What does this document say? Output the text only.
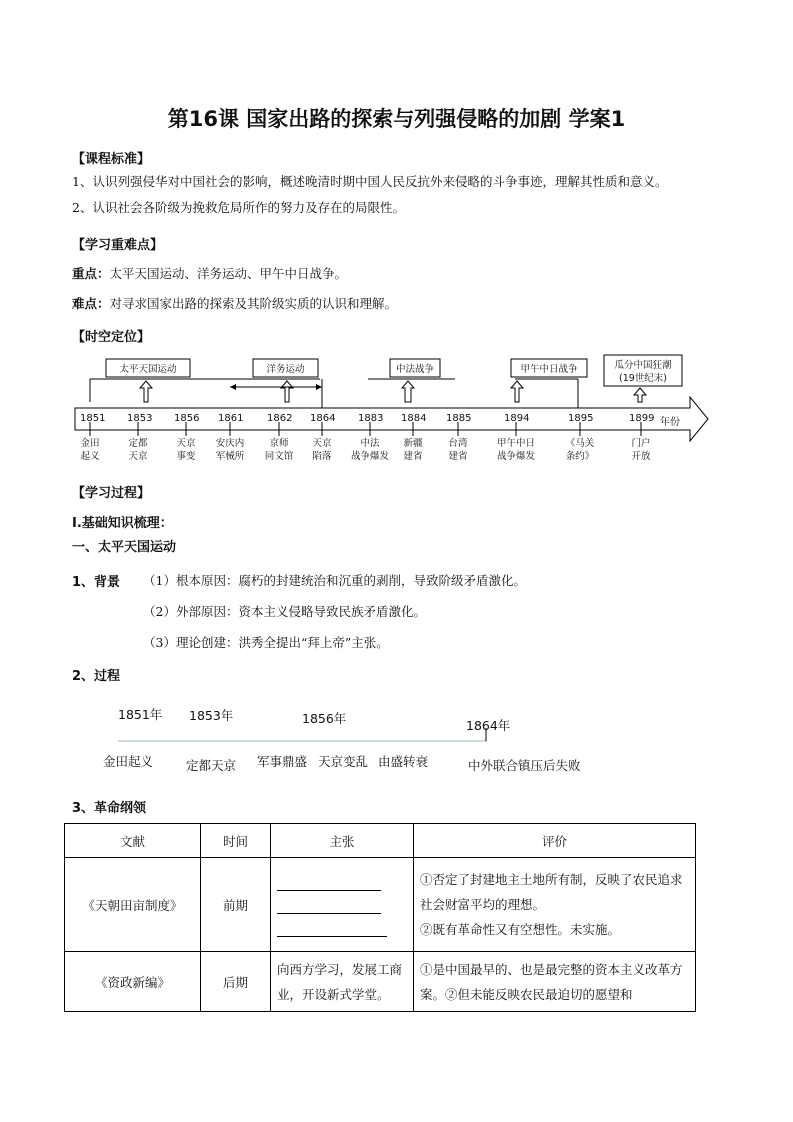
第16课 国家出路的探索与列强侵略的加剧 学案1
【课程标准】
1、认识列强侵华对中国社会的影响，概述晚清时期中国人民反抗外来侵略的斗争事迹，理解其性质和意义。
2、认识社会各阶级为挽救危局所作的努力及存在的局限性。
【学习重难点】
重点：太平天国运动、洋务运动、甲午中日战争。
难点：对寻求国家出路的探索及其阶级实质的认识和理解。
【时空定位】
太平天国运动	洋务运动	中法战争	甲午中日战争	瓜分中国狂潮
(19世纪末)
1851 1853 1856 1861 1862 1864 1883 1884 1885	1894	1895	1899 年份
金田
起义
定都
天京
天京
事变
安庆内
军械所
京师
同文馆
天京
陷落
中法
战争爆发
新疆
建省
台湾
建省
甲午中日
战争爆发
《马关
条约》
门户
开放
【学习过程】
Ⅰ.基础知识梳理：
一、太平天国运动
1、背景 （1）根本原因：腐朽的封建统治和沉重的剥削，导致阶级矛盾激化。
（2）外部原因：资本主义侵略导致民族矛盾激化。
（3）理论创建：洪秀全提出“拜上帝”主张。
2、过程
1851年 1853年	1856年	1864年
金田起义	定都天京 军事鼎盛 天京变乱 由盛转衰	中外联合镇压后失败
3、革命纲领
文献	时间	主张	评价
《天朝田亩制度》	前期		①否定了封建地主土地所有制，反映了农民追求社会财富平均的理想。
②既有革命性又有空想性。未实施。

《资政新编》	后期	向西方学习，发展工商业，开设新式学堂。	①是中国最早的、也是最完整的资本主义改革方案。②但未能反映农民最迫切的愿望和
